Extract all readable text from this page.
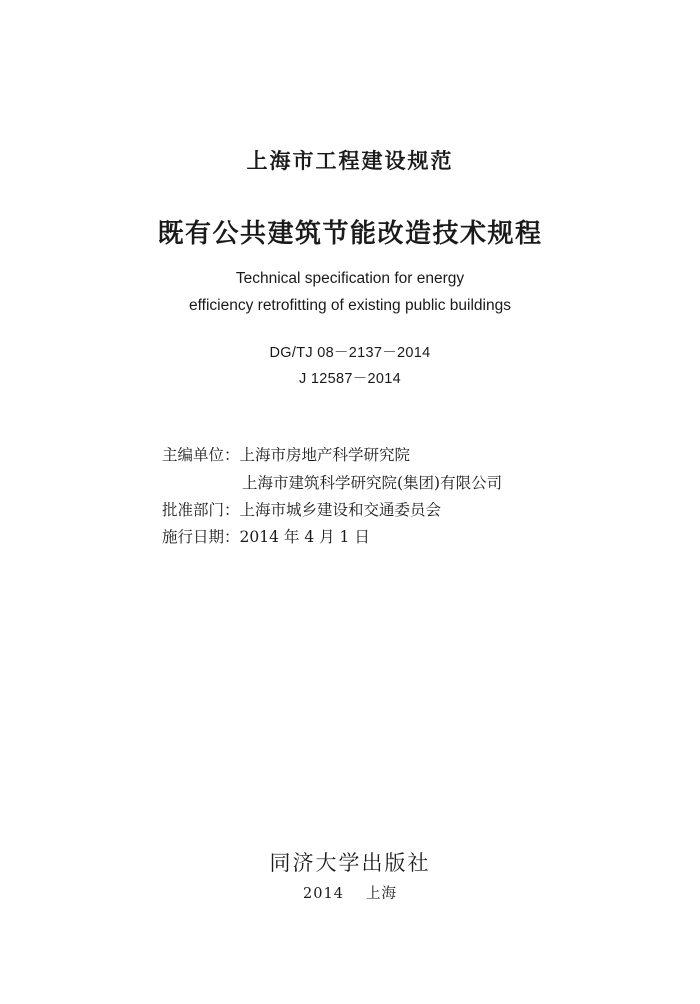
上海市工程建设规范
既有公共建筑节能改造技术规程
Technical specification for energy
efficiency retrofitting of existing public buildings
DG/TJ 08－2137－2014
J 12587－2014
主编单位：上海市房地产科学研究院
上海市建筑科学研究院(集团)有限公司
批准部门：上海市城乡建设和交通委员会
施行日期：2014 年 4 月 1 日
同济大学出版社
2014 上海
